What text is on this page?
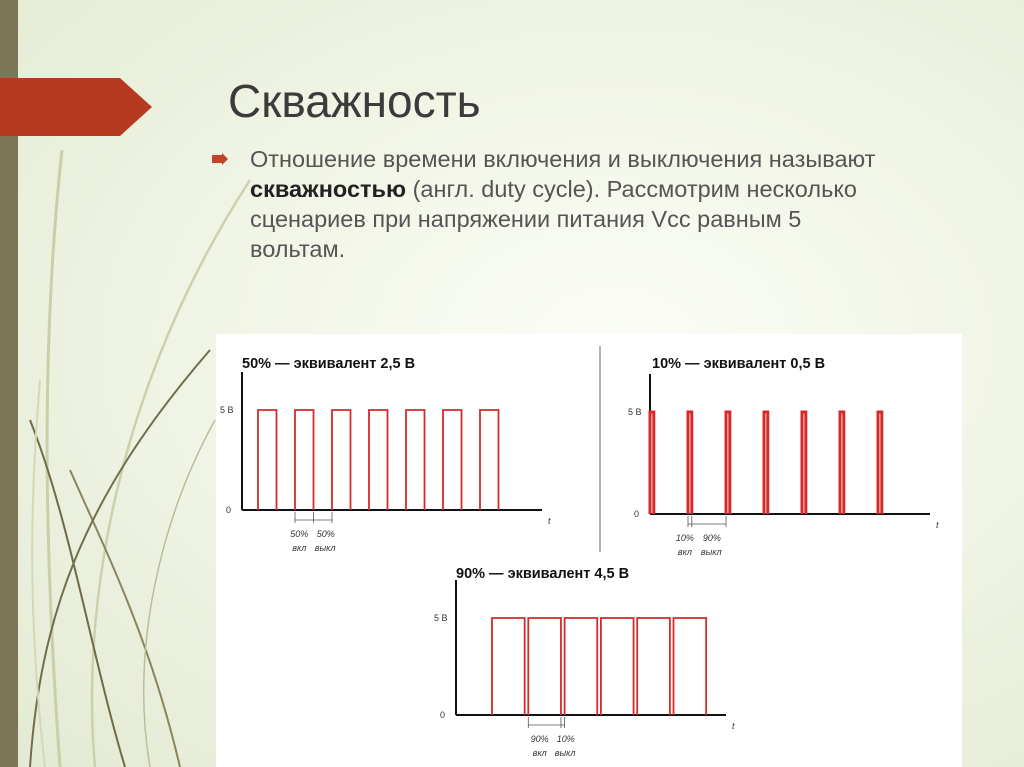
Скважность

Отношение времени включения и выключения называют скважностью (англ. duty cycle). Рассмотрим несколько сценариев при напряжении питания Vcc равным 5 вольтам.

50% — эквивалент 2,5 В
5 В
0
t
50%
вкл
50%
выкл
10% — эквивалент 0,5 В
5 В
0
t
10%
вкл
90%
выкл
90% — эквивалент 4,5 В
5 В
0
t
90%
вкл
10%
выкл
